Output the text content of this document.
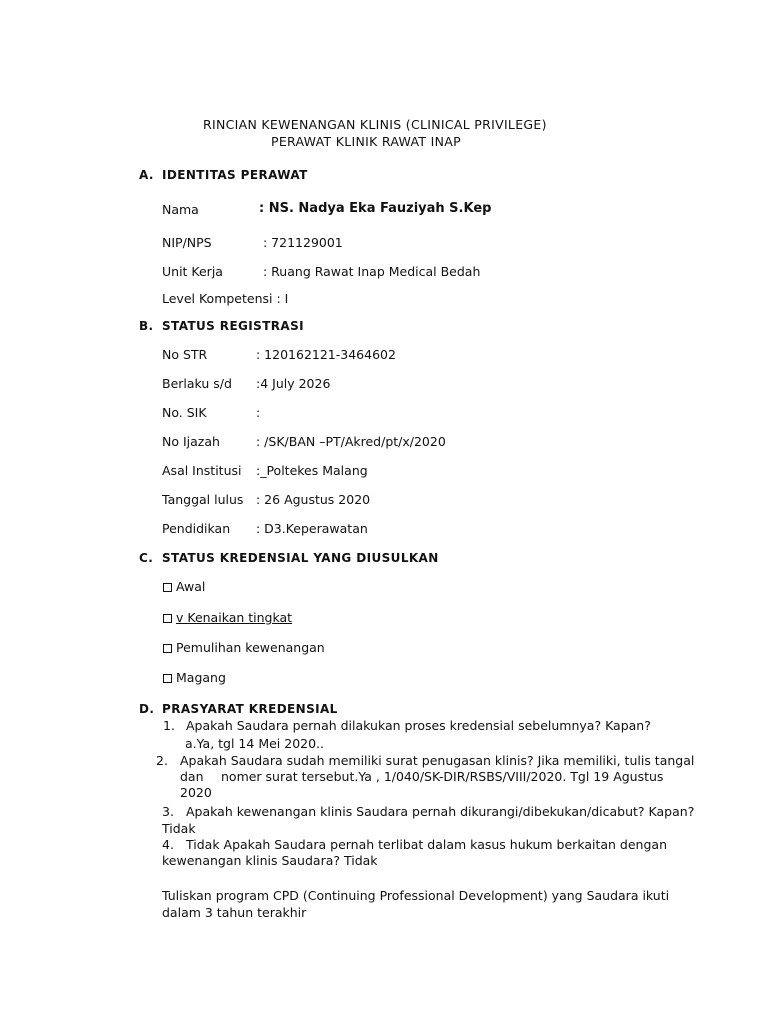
RINCIAN KEWENANGAN KLINIS (CLINICAL PRIVILEGE)
PERAWAT KLINIK RAWAT INAP
A. IDENTITAS PERAWAT
Nama	: NS. Nadya Eka Fauziyah S.Kep
NIP/NPS	: 721129001
Unit Kerja	: Ruang Rawat Inap Medical Bedah
Level Kompetensi : I
B. STATUS REGISTRASI
No STR	: 120162121-3464602
Berlaku s/d :4 July 2026
No. SIK	:
No Ijazah	: /SK/BAN –PT/Akred/pt/x/2020
Asal Institusi :_Poltekes Malang
Tanggal lulus : 26 Agustus 2020
Pendidikan : D3.Keperawatan
C. STATUS KREDENSIAL YANG DIUSULKAN
Awal
v Kenaikan tingkat
Pemulihan kewenangan
Magang
D. PRASYARAT KREDENSIAL
1. Apakah Saudara pernah dilakukan proses kredensial sebelumnya? Kapan?
a.Ya, tgl 14 Mei 2020..
2. Apakah Saudara sudah memiliki surat penugasan klinis? Jika memiliki, tulis tangal
dan nomer surat tersebut.Ya , 1/040/SK-DIR/RSBS/VIII/2020. Tgl 19 Agustus
2020
3. Apakah kewenangan klinis Saudara pernah dikurangi/dibekukan/dicabut? Kapan?
Tidak
4. Tidak Apakah Saudara pernah terlibat dalam kasus hukum berkaitan dengan
kewenangan klinis Saudara? Tidak
Tuliskan program CPD (Continuing Professional Development) yang Saudara ikuti
dalam 3 tahun terakhir
